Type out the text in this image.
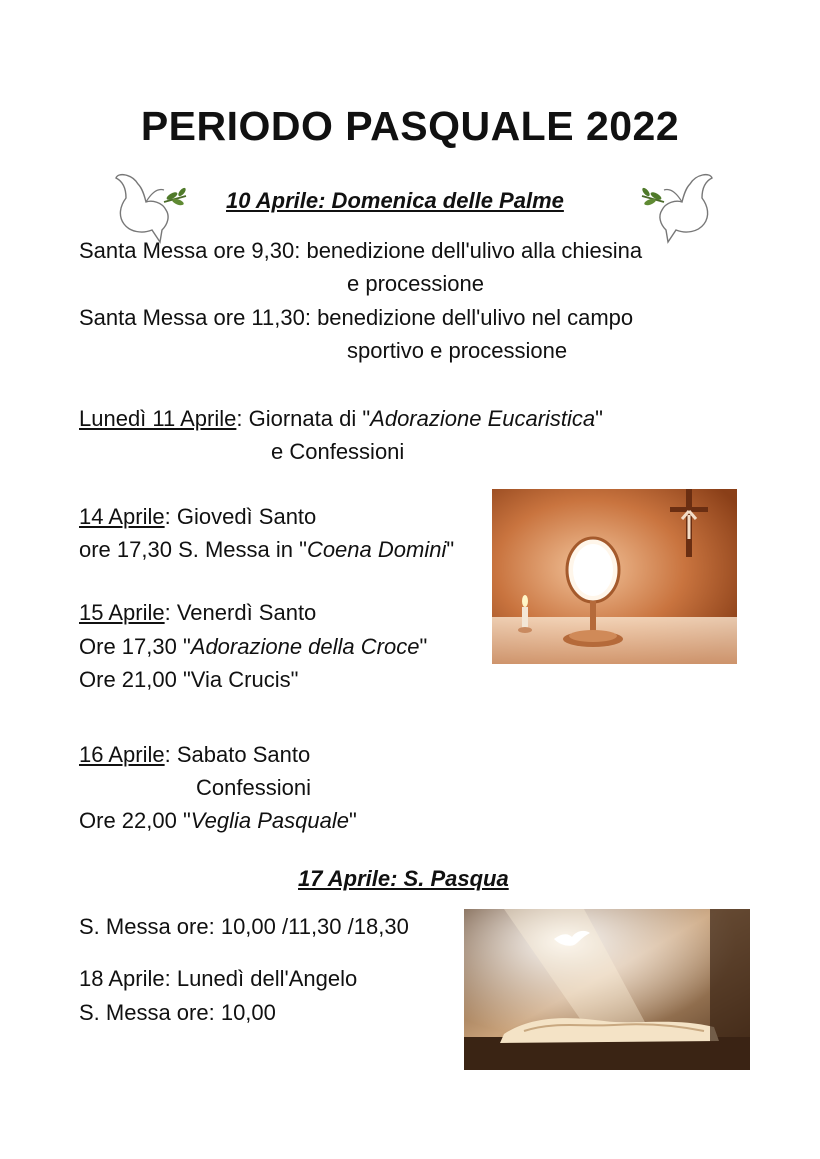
PERIODO PASQUALE 2022
10 Aprile: Domenica delle Palme
Santa Messa ore 9,30: benedizione dell'ulivo alla chiesina
e processione
Santa Messa ore 11,30: benedizione dell'ulivo nel campo
sportivo e processione
Lunedì 11 Aprile: Giornata di "Adorazione Eucaristica"
e Confessioni
14 Aprile: Giovedì Santo
ore 17,30 S. Messa in "Coena Domini"
15 Aprile: Venerdì Santo
Ore 17,30 "Adorazione della Croce"
Ore 21,00 "Via Crucis"
16 Aprile: Sabato Santo
Confessioni
Ore 22,00 "Veglia Pasquale"
17 Aprile: S. Pasqua
S. Messa ore: 10,00 /11,30 /18,30
18 Aprile: Lunedì dell'Angelo
S. Messa ore: 10,00
